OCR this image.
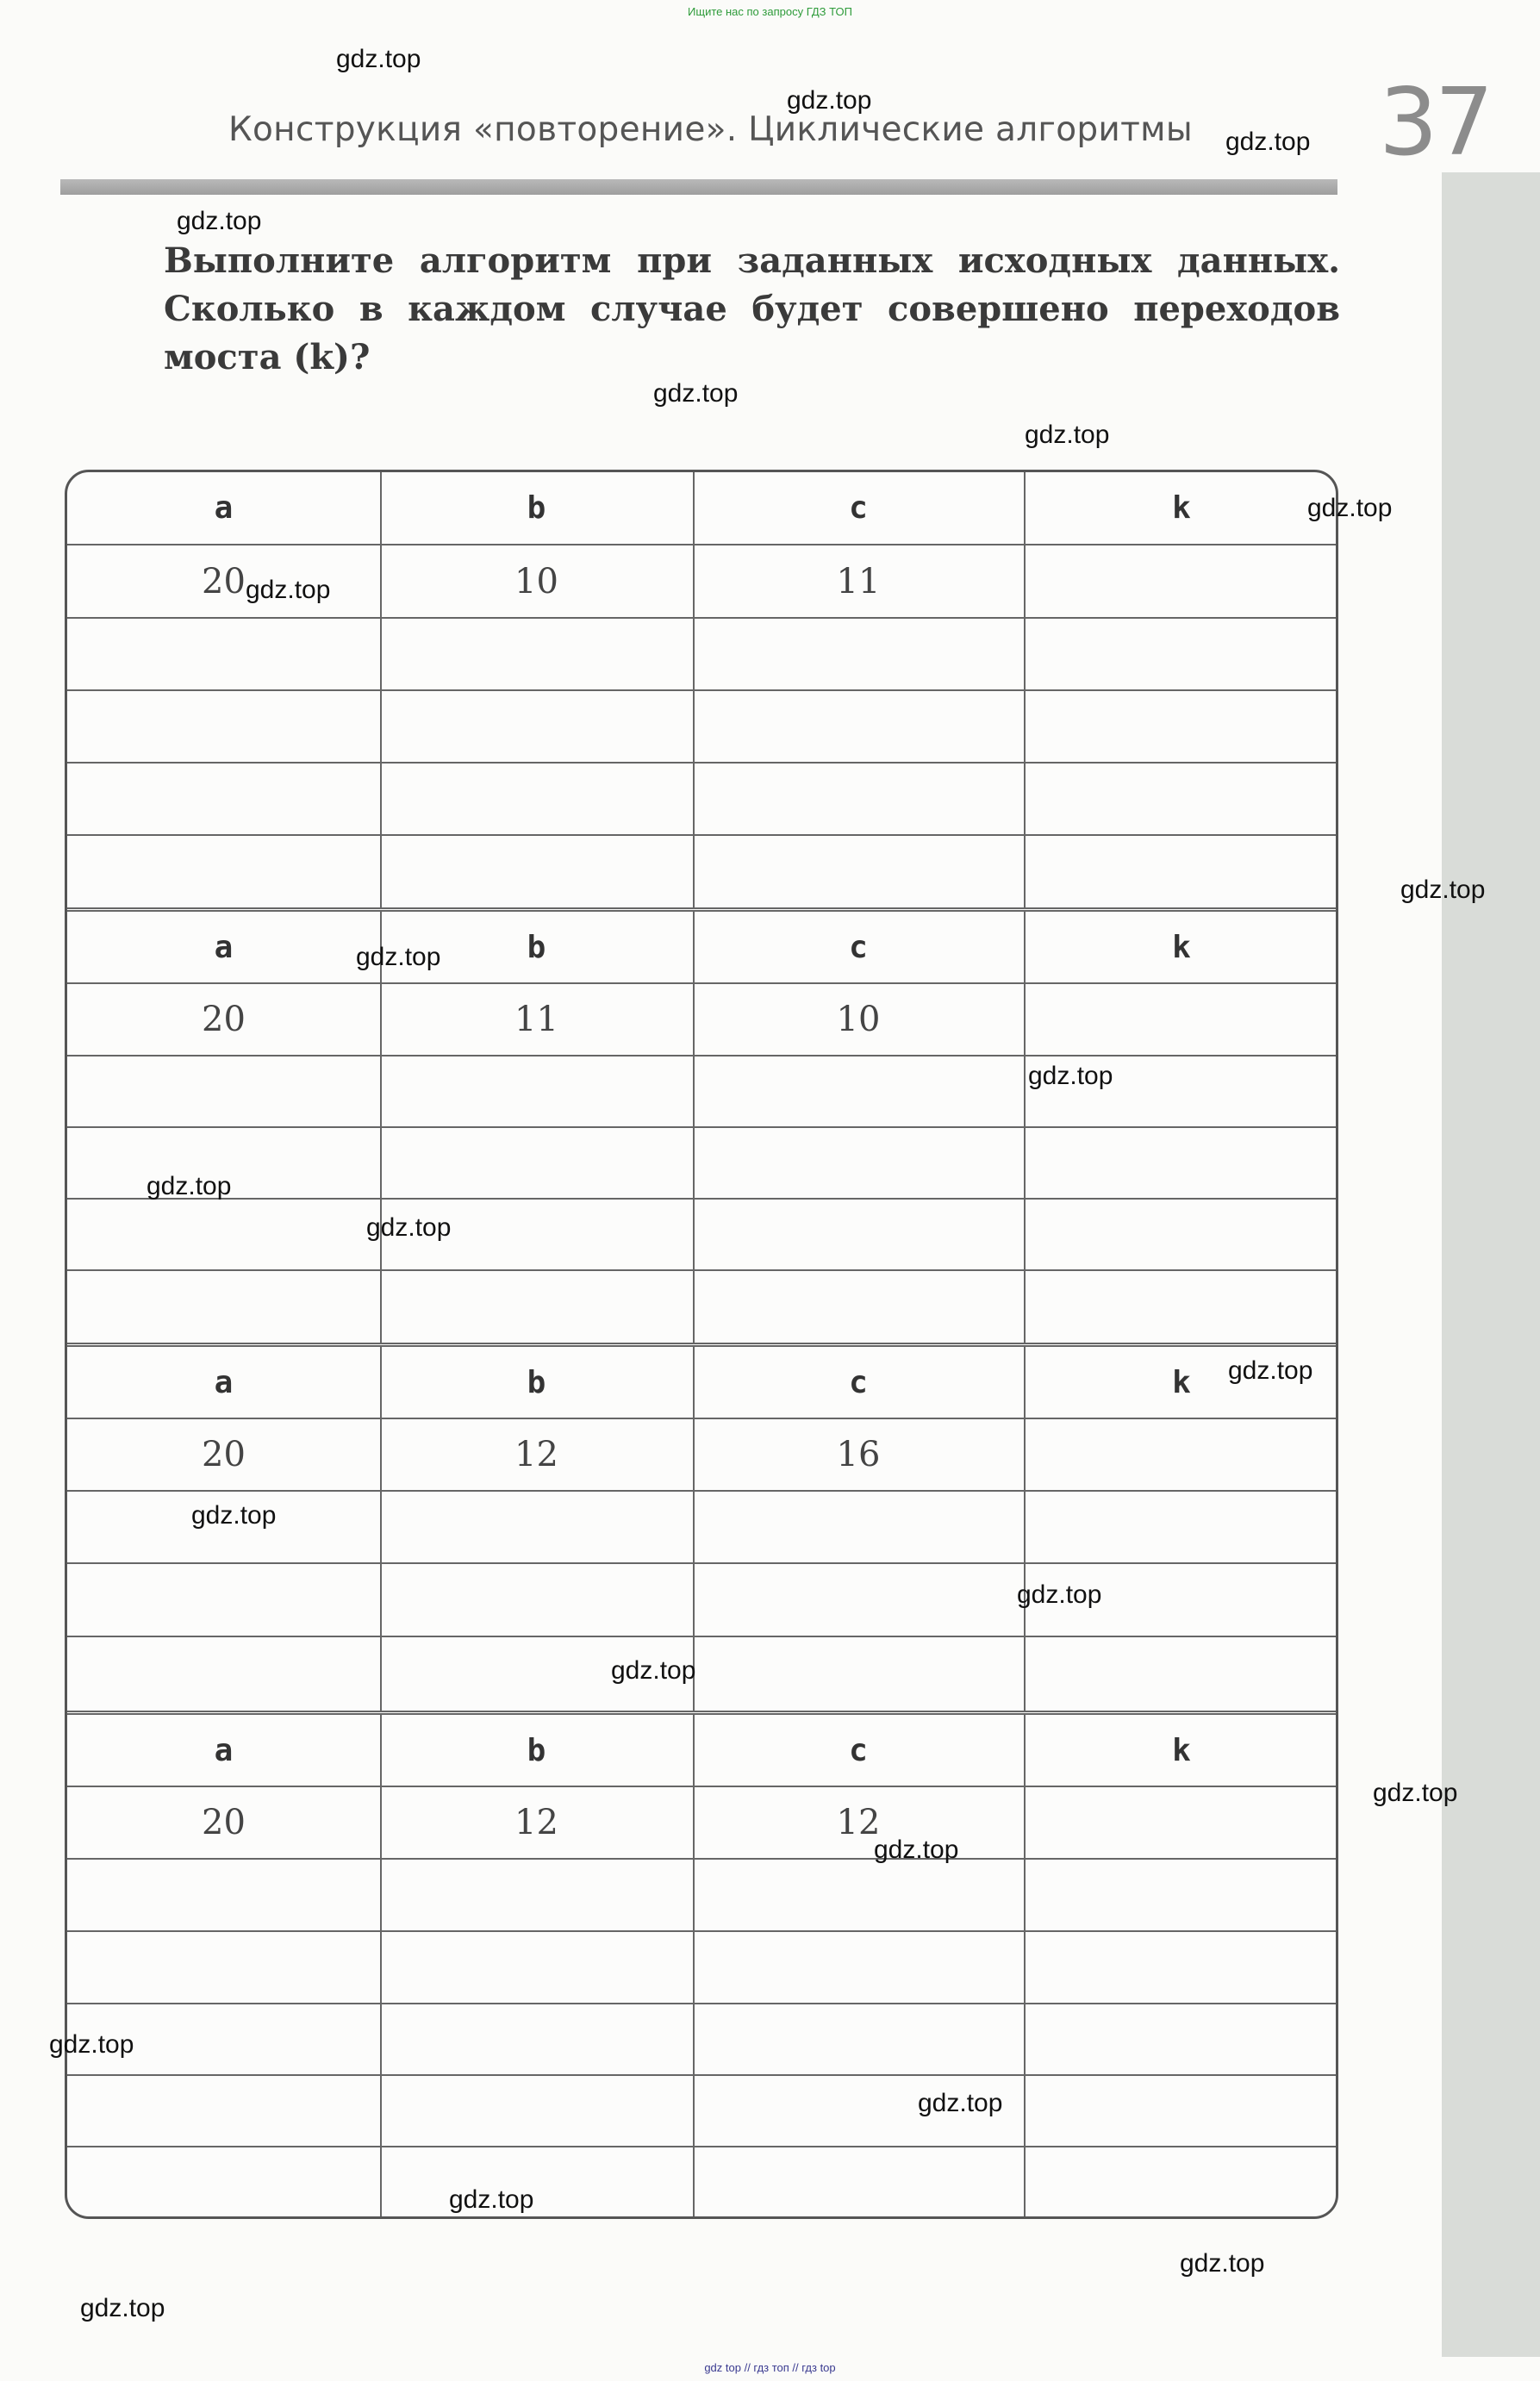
Ищите нас по запросу ГДЗ ТОП
Конструкция «повторение». Циклические алгоритмы 37
Выполните алгоритм при заданных исходных данных. Сколько в каждом случае будет совершено переходов моста (k)?
a	b	c	k
20	10	11
a	b	c	k
20	11	10
a	b	c	k
20	12	16
a	b	c	k
20	12	12
gdz.top
gdz.top
gdz.top
gdz.top
gdz.top
gdz.top
gdz.top
gdz.top
gdz.top
gdz.top
gdz.top
gdz.top
gdz.top
gdz.top
gdz.top
gdz.top
gdz.top
gdz.top
gdz.top
gdz.top
gdz.top
gdz.top
gdz.top
gdz.top
gdz top // гдз топ // гдз top
